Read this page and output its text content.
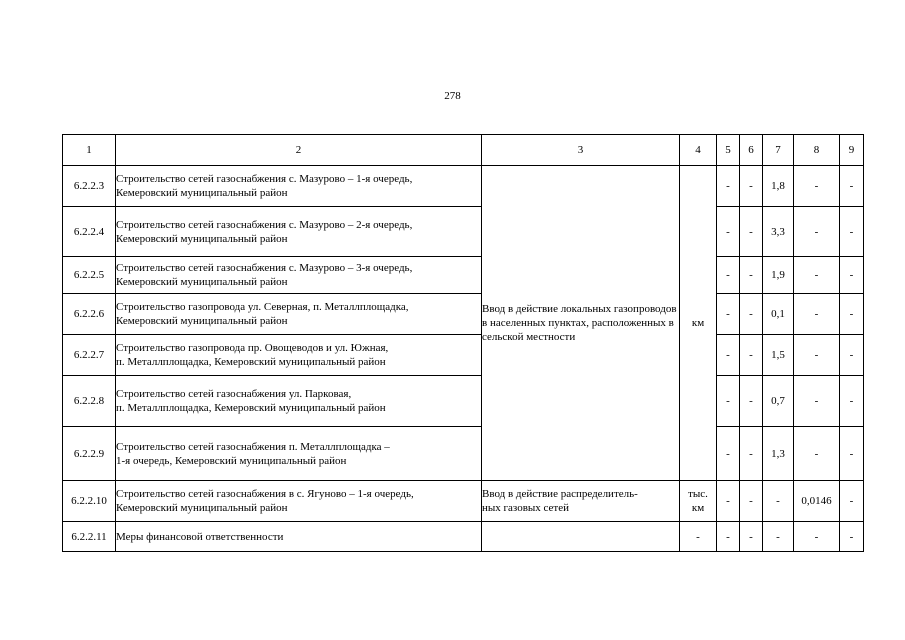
278
1	2	3	4	5	6	7	8	9
6.2.2.3	Строительство сетей газоснабжения с. Мазурово – 1-я очередь,
Кемеровский муниципальный район	Ввод в действие локальных газопроводов в населенных пунктах, расположенных в сельской местности	км	-	-	1,8	-	-
6.2.2.4	Строительство сетей газоснабжения с. Мазурово – 2-я очередь,
Кемеровский муниципальный район			-	-	3,3	-	-
6.2.2.5	Строительство сетей газоснабжения с. Мазурово – 3-я очередь,
Кемеровский муниципальный район			-	-	1,9	-	-
6.2.2.6	Строительство газопровода ул. Северная, п. Металлплощадка,
Кемеровский муниципальный район			-	-	0,1	-	-
6.2.2.7	Строительство газопровода пр. Овощеводов и ул. Южная,
п. Металлплощадка, Кемеровский муниципальный район			-	-	1,5	-	-
6.2.2.8	Строительство сетей газоснабжения ул. Парковая,
п. Металлплощадка, Кемеровский муниципальный район			-	-	0,7	-	-
6.2.2.9	Строительство сетей газоснабжения п. Металлплощадка –
1-я очередь, Кемеровский муниципальный район			-	-	1,3	-	-
6.2.2.10	Строительство сетей газоснабжения в с. Ягуново – 1-я очередь,
Кемеровский муниципальный район	Ввод в действие распределитель-
ных газовых сетей	тыс.
км	-	-	-	0,0146	-
6.2.2.11	Меры финансовой ответственности		-	-	-	-	-	-
